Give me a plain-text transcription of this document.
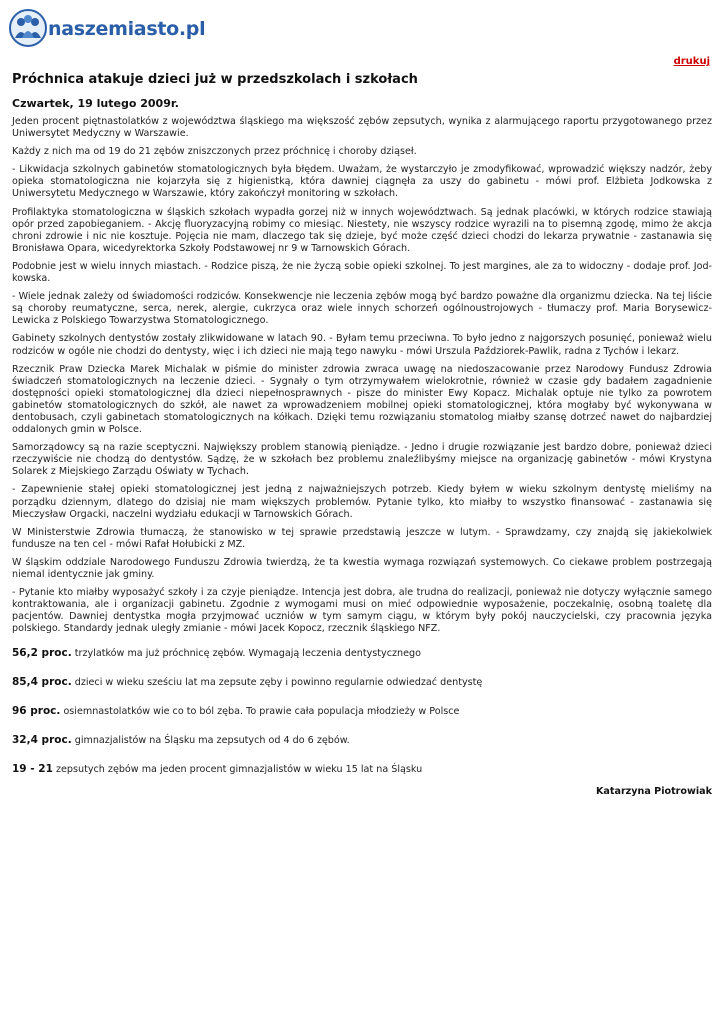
naszemiasto.pl
drukuj
Próchnica atakuje dzieci już w przedszkolach i szkołach
Czwartek, 19 lutego 2009r.

Jeden procent piętnastolatków z województwa śląskiego ma większość zębów zepsutych, wynika z alarmującego raportu przygotowanego przez Uniwersytet Medyczny w Warszawie.

Każdy z nich ma od 19 do 21 zębów zniszczonych przez próchnicę i choroby dziąseł.

- Likwidacja szkolnych gabinetów stomatologicznych była błędem. Uważam, że wystarczyło je zmodyfikować, wprowadzić większy nadzór, żeby opieka stomatologiczna nie kojarzyła się z higienistką, która dawniej ciągnęła za uszy do gabinetu - mówi prof. Elżbieta Jodkowska z Uniwersytetu Medycznego w Warszawie, który zakończył monitoring w szkołach.

Profilaktyka stomatologiczna w śląskich szkołach wypadła gorzej niż w innych województwach. Są jednak placówki, w których rodzice stawiają opór przed zapobieganiem. - Akcję fluoryzacyjną robimy co miesiąc. Niestety, nie wszyscy rodzice wyrazili na to pisemną zgodę, mimo że akcja chroni zdrowie i nic nie kosztuje. Pojęcia nie mam, dlaczego tak się dzieje, być może część dzieci chodzi do lekarza prywatnie - zastanawia się Bronisława Opara, wicedyrektorka Szkoły Podstawowej nr 9 w Tarnowskich Górach.

Podobnie jest w wielu innych miastach. - Rodzice piszą, że nie życzą sobie opieki szkolnej. To jest margines, ale za to widoczny - dodaje prof. Jod-kowska.

- Wiele jednak zależy od świadomości rodziców. Konsekwencje nie leczenia zębów mogą być bardzo poważne dla organizmu dziecka. Na tej liście są choroby reumatyczne, serca, nerek, alergie, cukrzyca oraz wiele innych schorzeń ogólnoustrojowych - tłumaczy prof. Maria Borysewicz-Lewicka z Polskiego Towarzystwa Stomatologicznego.

Gabinety szkolnych dentystów zostały zlikwidowane w latach 90. - Byłam temu przeciwna. To było jedno z najgorszych posunięć, ponieważ wielu rodziców w ogóle nie chodzi do dentysty, więc i ich dzieci nie mają tego nawyku - mówi Urszula Paździorek-Pawlik, radna z Tychów i lekarz.

Rzecznik Praw Dziecka Marek Michalak w piśmie do minister zdrowia zwraca uwagę na niedoszacowanie przez Narodowy Fundusz Zdrowia świadczeń stomatologicznych na leczenie dzieci. - Sygnały o tym otrzymywałem wielokrotnie, również w czasie gdy badałem zagadnienie dostępności opieki stomatologicznej dla dzieci niepełnosprawnych - pisze do minister Ewy Kopacz. Michalak optuje nie tylko za powrotem gabinetów stomatologicznych do szkół, ale nawet za wprowadzeniem mobilnej opieki stomatologicznej, która mogłaby być wykonywana w dentobusach, czyli gabinetach stomatologicznych na kółkach. Dzięki temu rozwiązaniu stomatolog miałby szansę dotrzeć nawet do najbardziej oddalonych gmin w Polsce.

Samorządowcy są na razie sceptyczni. Największy problem stanowią pieniądze. - Jedno i drugie rozwiązanie jest bardzo dobre, ponieważ dzieci rzeczywiście nie chodzą do dentystów. Sądzę, że w szkołach bez problemu znaleźlibyśmy miejsce na organizację gabinetów - mówi Krystyna Solarek z Miejskiego Zarządu Oświaty w Tychach.

- Zapewnienie stałej opieki stomatologicznej jest jedną z najważniejszych potrzeb. Kiedy byłem w wieku szkolnym dentystę mieliśmy na porządku dziennym, dlatego do dzisiaj nie mam większych problemów. Pytanie tylko, kto miałby to wszystko finansować - zastanawia się Mieczysław Orgacki, naczelni wydziału edukacji w Tarnowskich Górach.

W Ministerstwie Zdrowia tłumaczą, że stanowisko w tej sprawie przedstawią jeszcze w lutym. - Sprawdzamy, czy znajdą się jakiekolwiek fundusze na ten cel - mówi Rafał Hołubicki z MZ.

W śląskim oddziale Narodowego Funduszu Zdrowia twierdzą, że ta kwestia wymaga rozwiązań systemowych. Co ciekawe problem postrzegają niemal identycznie jak gminy.

- Pytanie kto miałby wyposażyć szkoły i za czyje pieniądze. Intencja jest dobra, ale trudna do realizacji, ponieważ nie dotyczy wyłącznie samego kontraktowania, ale i organizacji gabinetu. Zgodnie z wymogami musi on mieć odpowiednie wyposażenie, poczekalnię, osobną toaletę dla pacjentów. Dawniej dentystka mogła przyjmować uczniów w tym samym ciągu, w którym były pokój nauczycielski, czy pracownia języka polskiego. Standardy jednak uległy zmianie - mówi Jacek Kopocz, rzecznik śląskiego NFZ.

56,2 proc. trzylatków ma już próchnicę zębów. Wymagają leczenia dentystycznego
85,4 proc. dzieci w wieku sześciu lat ma zepsute zęby i powinno regularnie odwiedzać dentystę
96 proc. osiemnastolatków wie co to ból zęba. To prawie cała populacja młodzieży w Polsce
32,4 proc. gimnazjalistów na Śląsku ma zepsutych od 4 do 6 zębów.
19 - 21 zepsutych zębów ma jeden procent gimnazjalistów w wieku 15 lat na Śląsku
Katarzyna Piotrowiak
